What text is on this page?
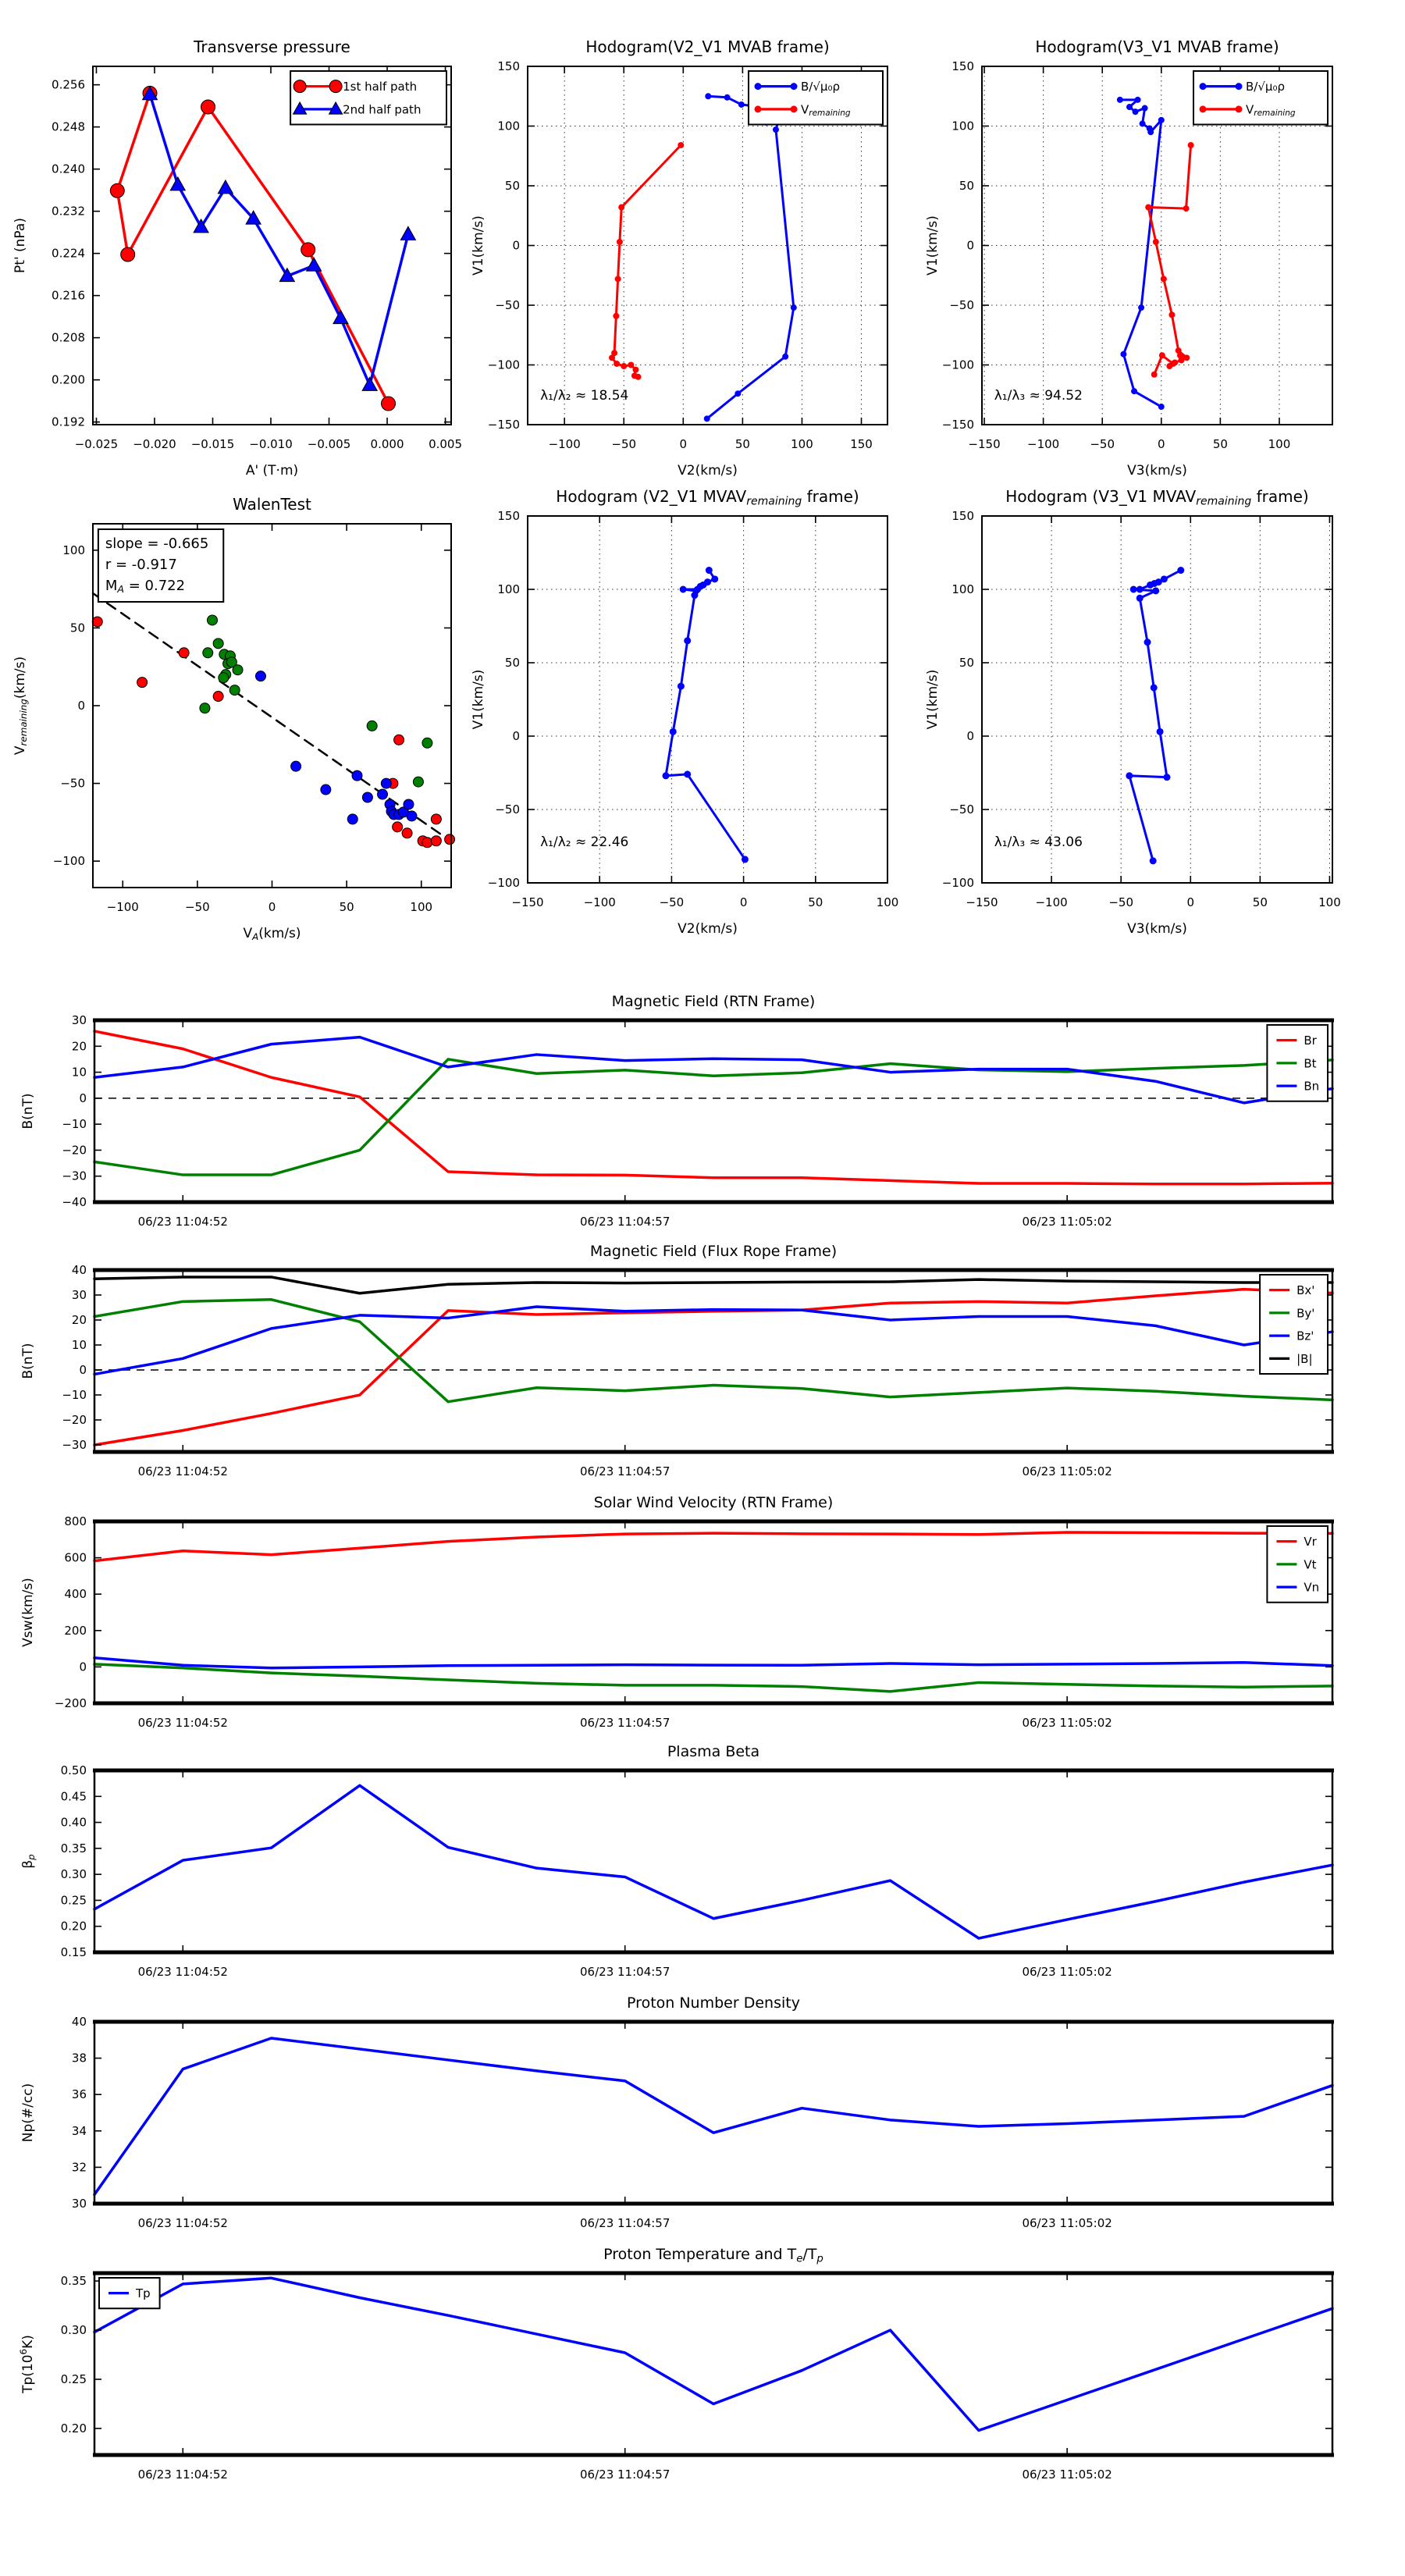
−0.025 −0.020 −0.015 −0.010 −0.005 0.000 0.005
0.192
0.200
0.208
0.216
0.224
0.232
0.240
0.248
0.256
Transverse pressure
A' (T·m)
Pt' (nPa)
1st half path
2nd half path
−100	−50	0	50	100	150
−150
−100
−50
0
50
100
150
Hodogram(V2_V1 MVAB frame)
V2(km/s)
V1(km/s)
λ₁/λ₂ ≈ 18.54
B/√μ₀ρ
Vremaining
−150 −100	−50	0	50	100
−150
−100
−50
0
50
100
150
Hodogram(V3_V1 MVAB frame)
V3(km/s)
V1(km/s)
λ₁/λ₃ ≈ 94.52
B/√μ₀ρ
Vremaining
−100	−50	0	50	100
−100
−50
0
50
100
WalenTest
VA(km/s)
Vremaining(km/s)
slope = -0.665
r = -0.917
MA = 0.722
−150	−100	−50	0	50	100
−100
−50
0
50
100
150
Hodogram (V2_V1 MVAVremaining frame)
V2(km/s)
V1(km/s)
λ₁/λ₂ ≈ 22.46
−150	−100	−50	0	50	100
−100
−50
0
50
100
150
Hodogram (V3_V1 MVAVremaining frame)
V3(km/s)
V1(km/s)
λ₁/λ₃ ≈ 43.06
06/23 11:04:52	06/23 11:04:57	06/23 11:05:02
−40
−30
−20
−10
0
10
20
30
Magnetic Field (RTN Frame)
B(nT)
Br
Bt
Bn
06/23 11:04:52	06/23 11:04:57	06/23 11:05:02
−30
−20
−10
0
10
20
30
40
Magnetic Field (Flux Rope Frame)
B(nT)
Bx'
By'
Bz'
|B|
06/23 11:04:52	06/23 11:04:57	06/23 11:05:02
−200
0
200
400
600
800
Solar Wind Velocity (RTN Frame)
Vsw(km/s)
Vr
Vt
Vn
06/23 11:04:52	06/23 11:04:57	06/23 11:05:02
0.15
0.20
0.25
0.30
0.35
0.40
0.45
0.50
Plasma Beta
βp
06/23 11:04:52	06/23 11:04:57	06/23 11:05:02
30
32
34
36
38
40
Proton Number Density
Np(#/cc)
06/23 11:04:52	06/23 11:04:57	06/23 11:05:02
0.20
0.25
0.30
0.35
Proton Temperature and Te/Tp
$Tp(10^6K)$
Tp
